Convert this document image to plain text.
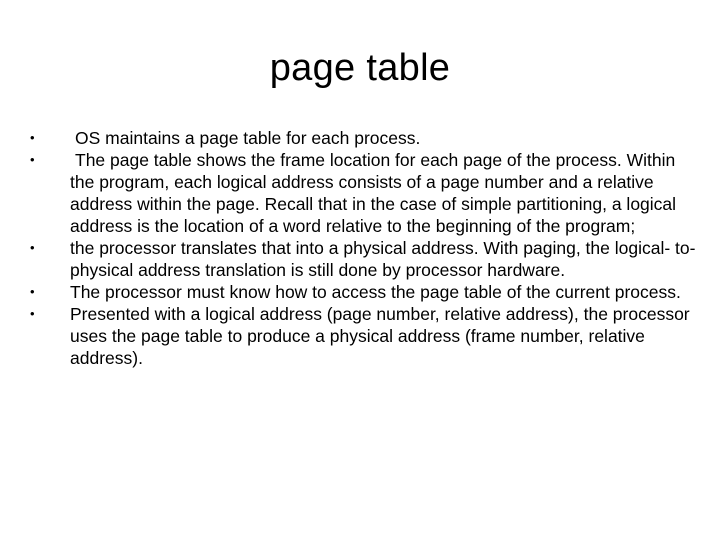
page table
• OS maintains a page table for each process.
• The page table shows the frame location for each page of the process. Within the program, each logical address consists of a page number and a relative address within the page. Recall that in the case of simple partitioning, a logical address is the location of a word relative to the beginning of the program;
• the processor translates that into a physical address. With paging, the logical- to-physical address translation is still done by processor hardware.
• The processor must know how to access the page table of the current process.
• Presented with a logical address (page number, relative address), the processor uses the page table to produce a physical address (frame number, relative address).
